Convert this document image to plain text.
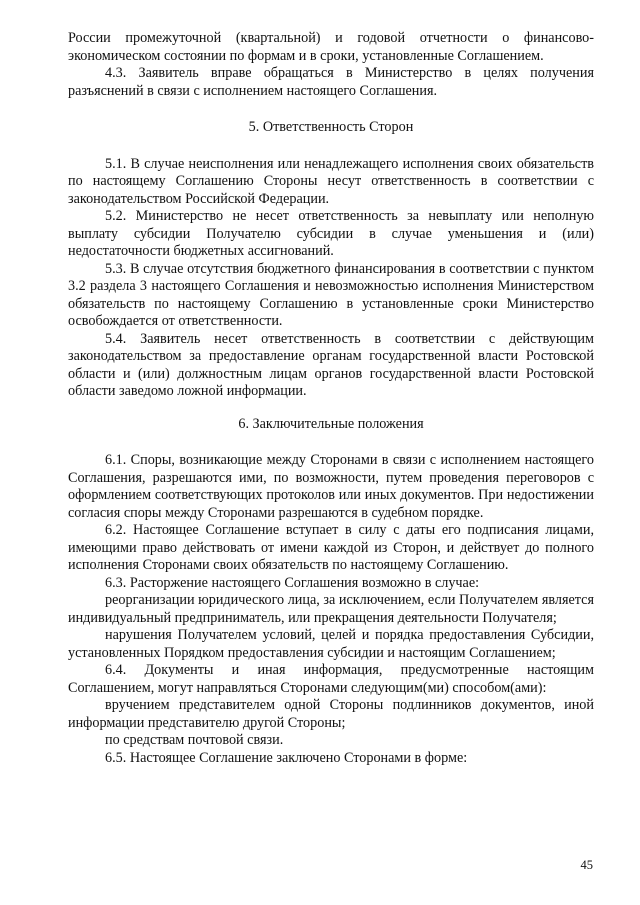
России промежуточной (квартальной) и годовой отчетности о финансово-экономическом состоянии по формам и в сроки, установленные Соглашением.

4.3. Заявитель вправе обращаться в Министерство в целях получения разъяснений в связи с исполнением настоящего Соглашения.

5. Ответственность Сторон

5.1. В случае неисполнения или ненадлежащего исполнения своих обязательств по настоящему Соглашению Стороны несут ответственность в соответствии с законодательством Российской Федерации.

5.2. Министерство не несет ответственность за невыплату или неполную выплату субсидии Получателю субсидии в случае уменьшения и (или) недостаточности бюджетных ассигнований.

5.3. В случае отсутствия бюджетного финансирования в соответствии с пунктом 3.2 раздела 3 настоящего Соглашения и невозможностью исполнения Министерством обязательств по настоящему Соглашению в установленные сроки Министерство освобождается от ответственности.

5.4. Заявитель несет ответственность в соответствии с действующим законодательством за предоставление органам государственной власти Ростовской области и (или) должностным лицам органов государственной власти Ростовской области заведомо ложной информации.

6. Заключительные положения

6.1. Споры, возникающие между Сторонами в связи с исполнением настоящего Соглашения, разрешаются ими, по возможности, путем проведения переговоров с оформлением соответствующих протоколов или иных документов. При недостижении согласия споры между Сторонами разрешаются в судебном порядке.

6.2. Настоящее Соглашение вступает в силу с даты его подписания лицами, имеющими право действовать от имени каждой из Сторон, и действует до полного исполнения Сторонами своих обязательств по настоящему Соглашению.

6.3. Расторжение настоящего Соглашения возможно в случае:

реорганизации юридического лица, за исключением, если Получателем является индивидуальный предприниматель, или прекращения деятельности Получателя;

нарушения Получателем условий, целей и порядка предоставления Субсидии, установленных Порядком предоставления субсидии и настоящим Соглашением;

6.4. Документы и иная информация, предусмотренные настоящим Соглашением, могут направляться Сторонами следующим(ми) способом(ами):

вручением представителем одной Стороны подлинников документов, иной информации представителю другой Стороны;

по средствам почтовой связи.

6.5. Настоящее Соглашение заключено Сторонами в форме:

45
